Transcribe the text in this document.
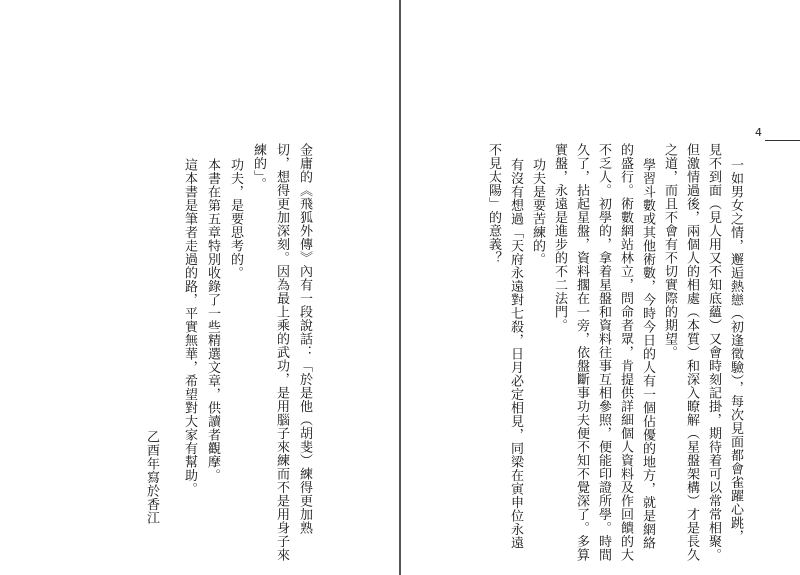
金庸的《飛狐外傳》內有一段說話：「於是他（胡斐）練得更加熟
切，想得更加深刻。因為最上乘的武功，是用腦子來練而不是用身子來
練的」。
功夫，是要思考的。
本書在第五章特別收錄了一些精選文章，供讀者觀摩。
這本書是筆者走過的路，平實無華，希望對大家有幫助。
乙酉年寫於香江
4
一如男女之情，邂逅熱戀（初逢徵驗），每次見面都會雀躍心跳，
見不到面（見人用又不知底蘊）又會時刻記掛，期待着可以常常相聚。
但激情過後，兩個人的相處（本質）和深入瞭解（星盤架構）才是長久
之道，而且不會有不切實際的期望。
學習斗數或其他術數，今時今日的人有一個佔優的地方，就是網絡
的盛行。術數網站林立，問命者眾，肯提供詳細個人資料及作回饋的大
不乏人。初學的，拿着星盤和資料往事互相參照，便能印證所學。時間
久了，拈起星盤，資料擱在一旁，依盤斷事功夫便不知不覺深了。多算
實盤，永遠是進步的不二法門。
功夫是要苦練的。
有沒有想過「天府永遠對七殺，日月必定相見，同梁在寅申位永遠
不見太陽」的意義？
